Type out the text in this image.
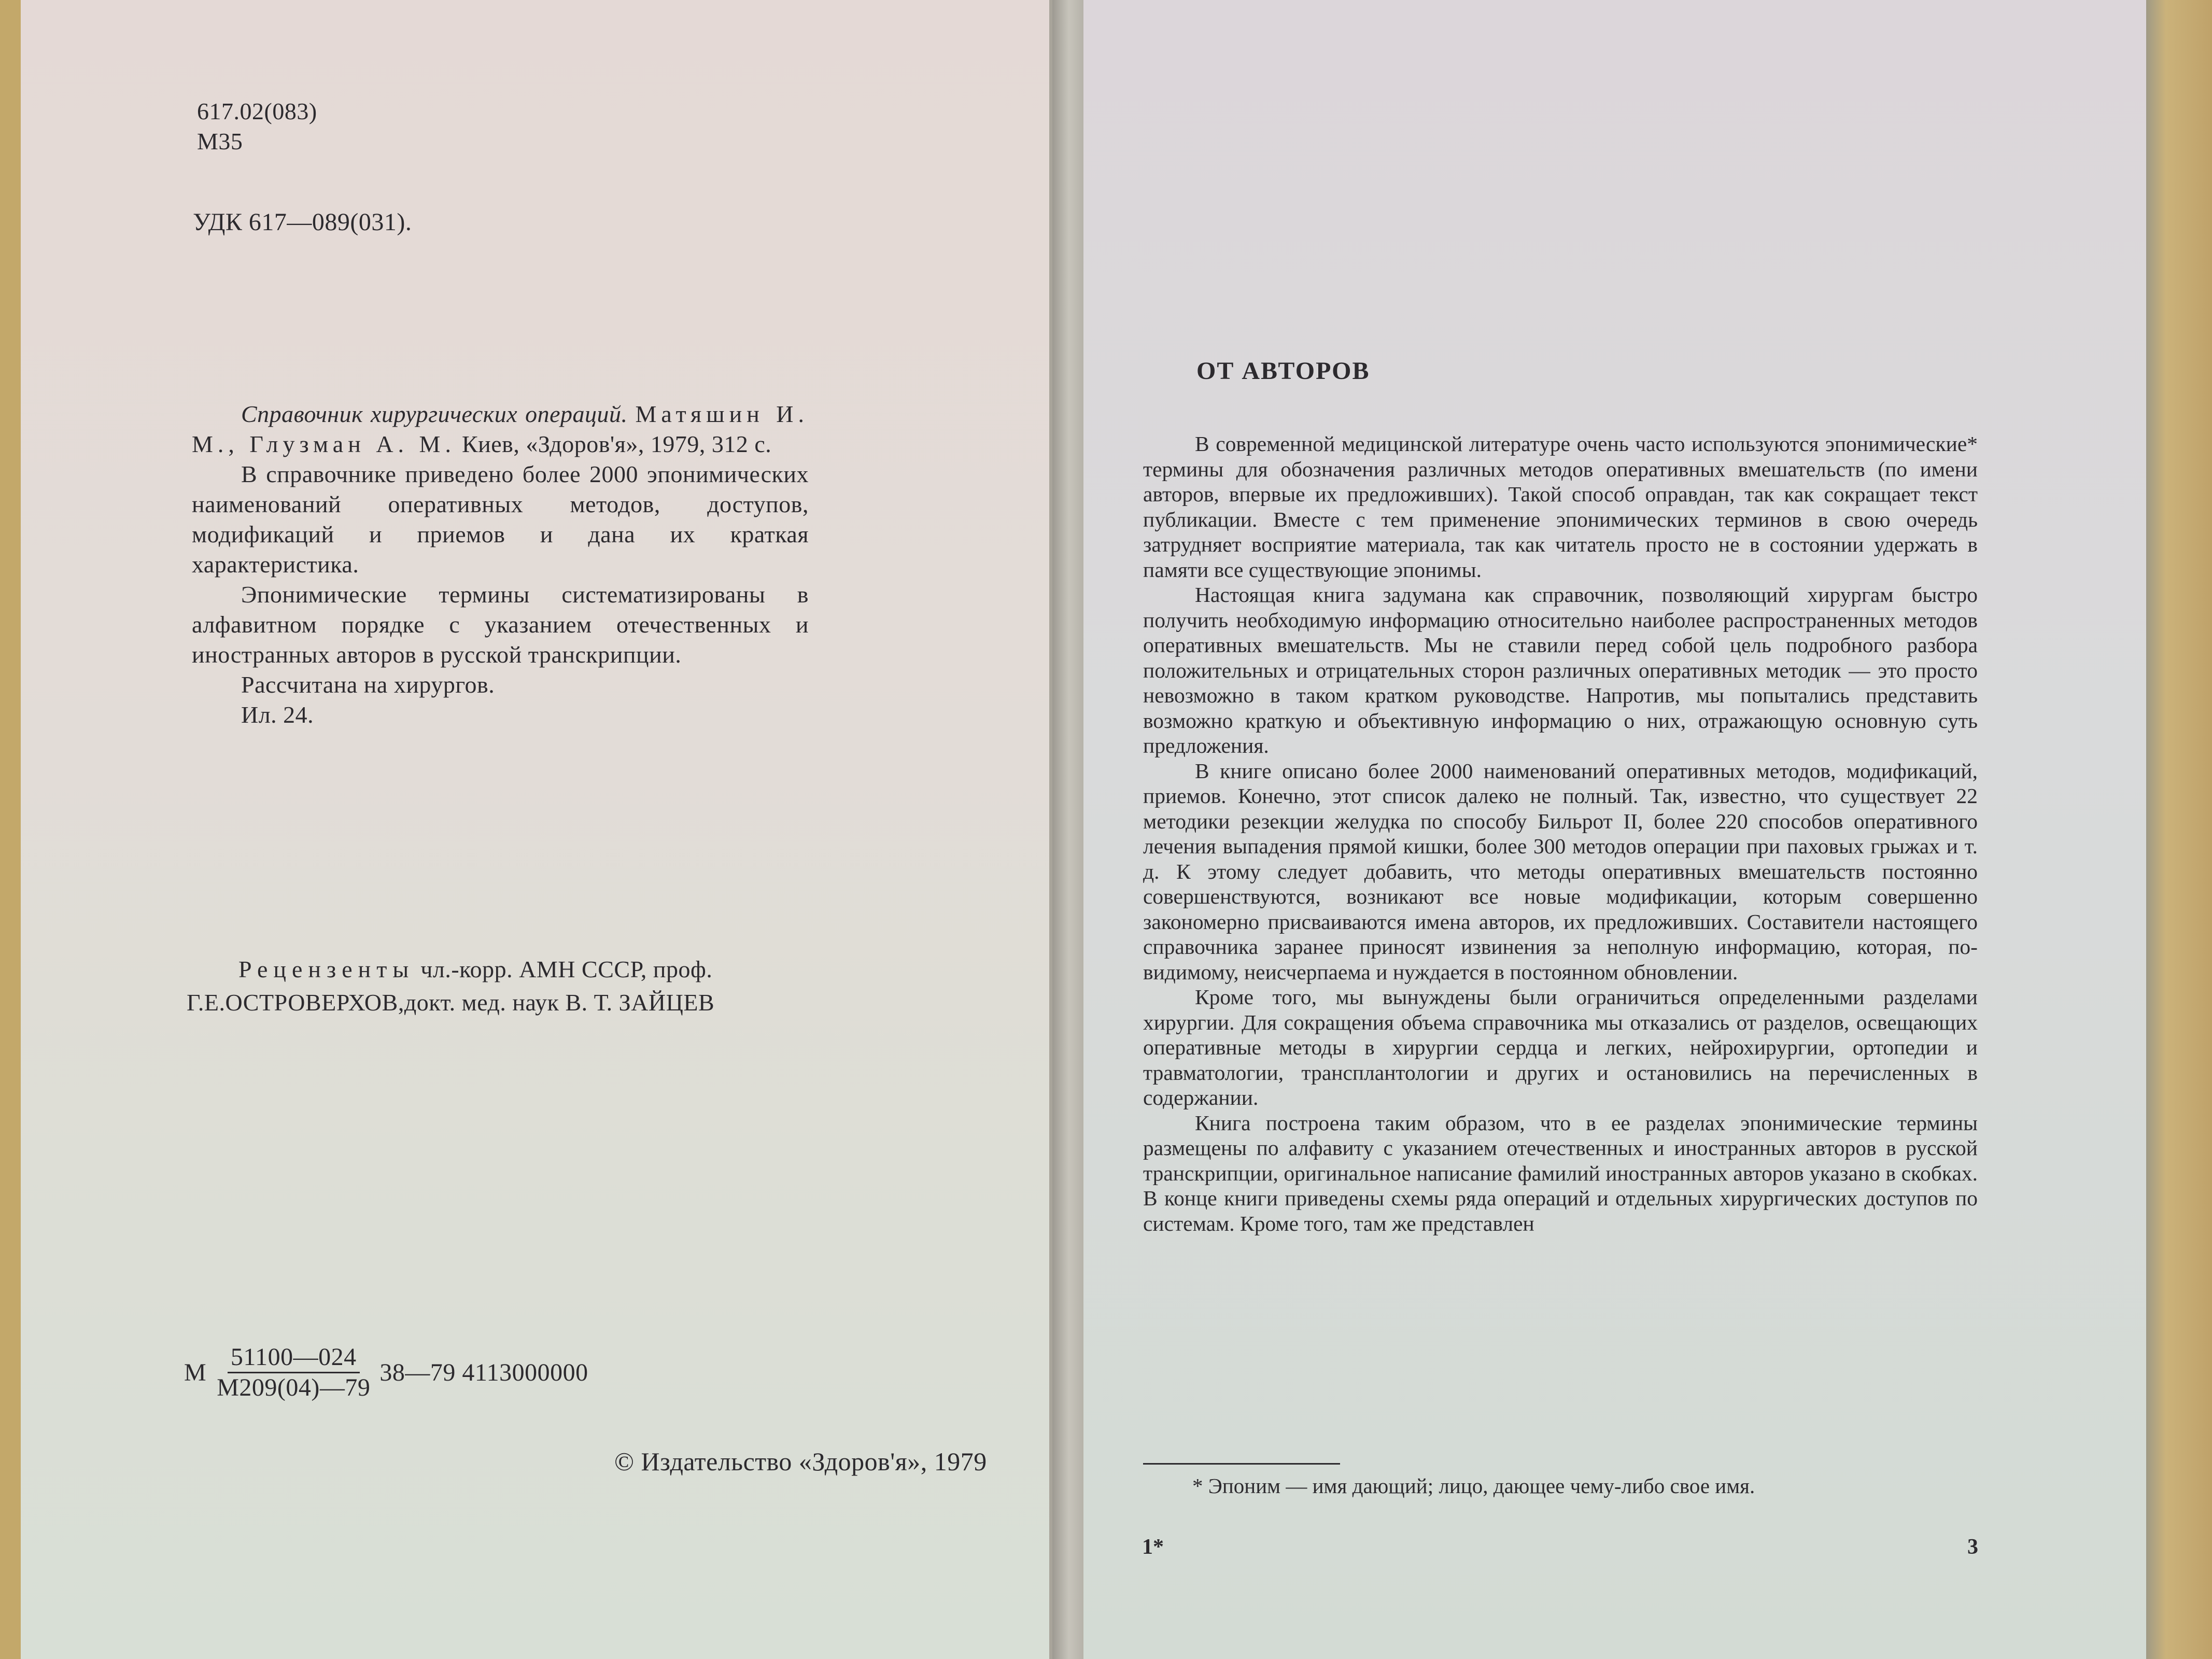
617.02(083)
М35
УДК 617—089(031).

Справочник хирургических операций. Матяшин И. М., Глузман А. М. Киев, «Здоров'я», 1979, 312 с.

В справочнике приведено более 2000 эпонимических наименований оперативных методов, доступов, модификаций и приемов и дана их краткая характеристика.

Эпонимические термины систематизированы в алфавитном порядке с указанием отечественных и иностранных авторов в русской транскрипции.

Рассчитана на хирургов.

Ил. 24.

Рецензенты чл.-корр. АМН СССР, проф.
Г.Е.ОСТРОВЕРХОВ,докт. мед. наук В. Т. ЗАЙЦЕВ
М $\frac{51100—024}{М209(04)—79}$ 38—79 4113000000
© Издательство «Здоров'я», 1979
ОТ АВТОРОВ

В современной медицинской литературе очень часто используются эпонимические* термины для обозначения различных методов оперативных вмешательств (по имени авторов, впервые их предложивших). Такой способ оправдан, так как сокращает текст публикации. Вместе с тем применение эпонимических терминов в свою очередь затрудняет восприятие материала, так как читатель просто не в состоянии удержать в памяти все существующие эпонимы.

Настоящая книга задумана как справочник, позволяющий хирургам быстро получить необходимую информацию относительно наиболее распространенных методов оперативных вмешательств. Мы не ставили перед собой цель подробного разбора положительных и отрицательных сторон различных оперативных методик — это просто невозможно в таком кратком руководстве. Напротив, мы попытались представить возможно краткую и объективную информацию о них, отражающую основную суть предложения.

В книге описано более 2000 наименований оперативных методов, модификаций, приемов. Конечно, этот список далеко не полный. Так, известно, что существует 22 методики резекции желудка по способу Бильрот II, более 220 способов оперативного лечения выпадения прямой кишки, более 300 методов операции при паховых грыжах и т. д. К этому следует добавить, что методы оперативных вмешательств постоянно совершенствуются, возникают все новые модификации, которым совершенно закономерно присваиваются имена авторов, их предложивших. Составители настоящего справочника заранее приносят извинения за неполную информацию, которая, по-видимому, неисчерпаема и нуждается в постоянном обновлении.

Кроме того, мы вынуждены были ограничиться определенными разделами хирургии. Для сокращения объема справочника мы отказались от разделов, освещающих оперативные методы в хирургии сердца и легких, нейрохирургии, ортопедии и травматологии, трансплантологии и других и остановились на перечисленных в содержании.

Книга построена таким образом, что в ее разделах эпонимические термины размещены по алфавиту с указанием отечественных и иностранных авторов в русской транскрипции, оригинальное написание фамилий иностранных авторов указано в скобках. В конце книги приведены схемы ряда операций и отдельных хирургических доступов по системам. Кроме того, там же представлен

* Эпоним — имя дающий; лицо, дающее чему-либо свое имя.
1*	3
